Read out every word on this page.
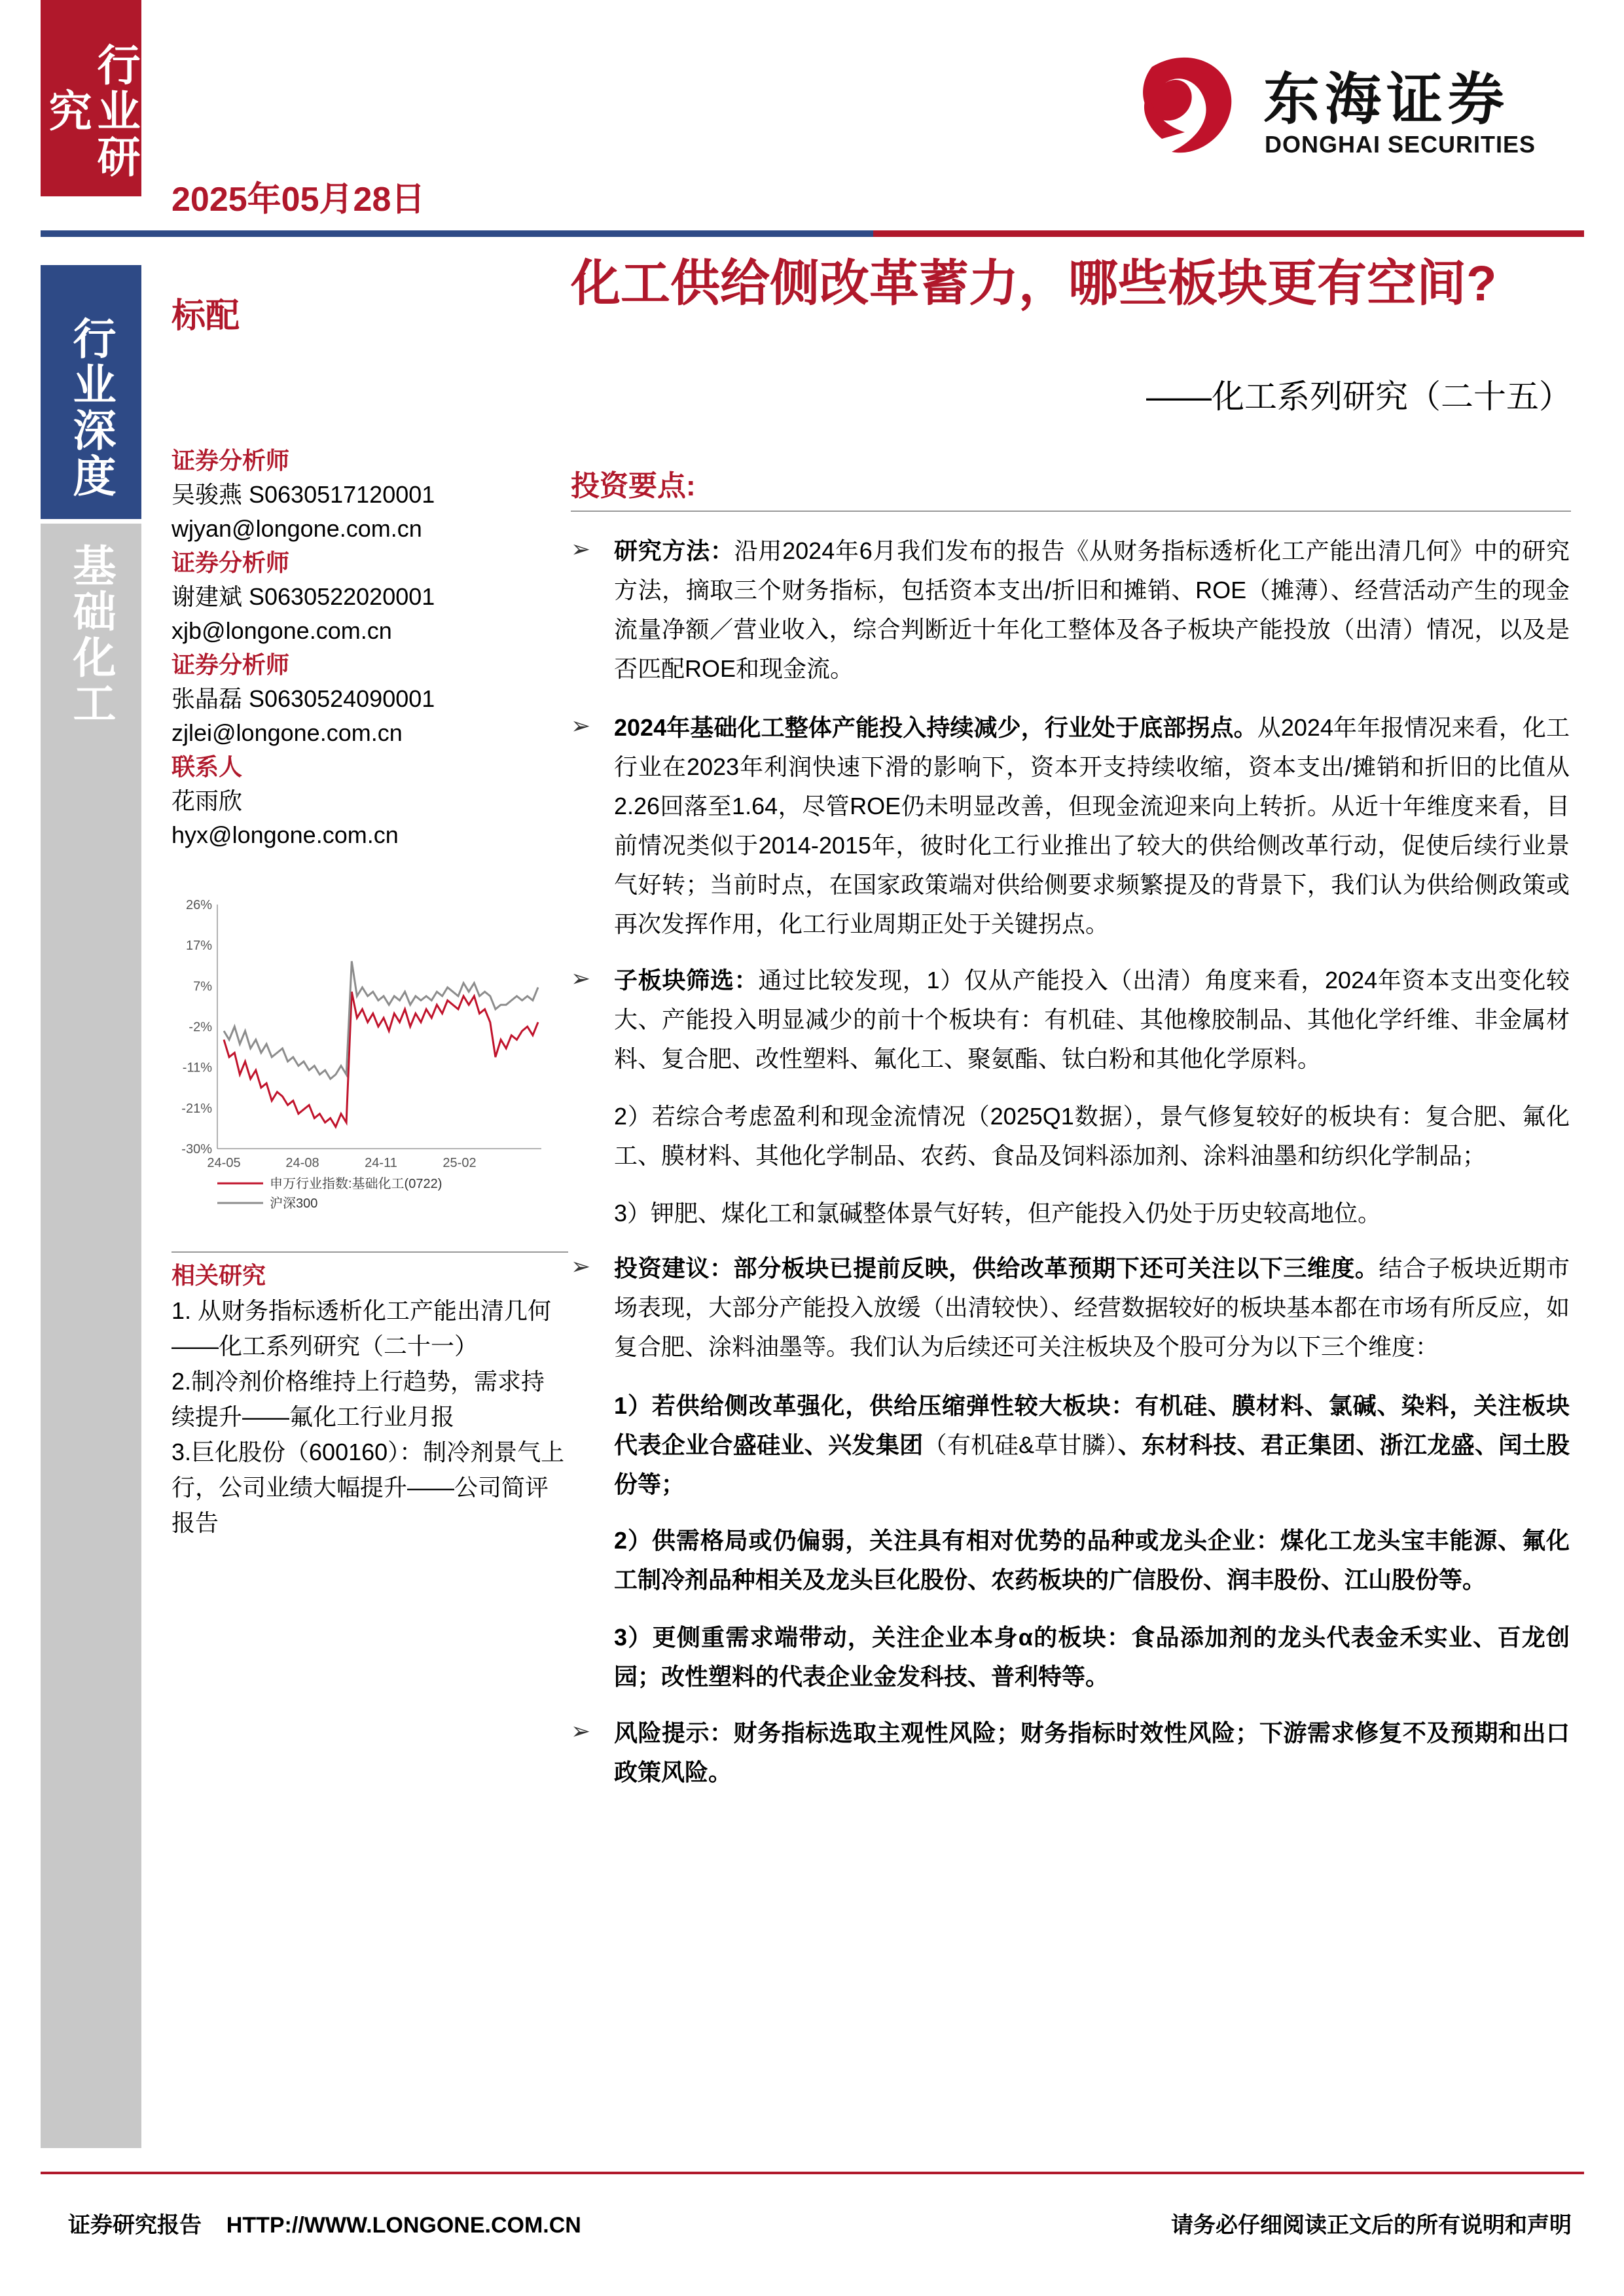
行业研究
行业深度
基础化工
2025年05月28日
东海证券
DONGHAI SECURITIES
标配
化工供给侧改革蓄力，哪些板块更有空间?
——化工系列研究（二十五）
证券分析师
吴骏燕 S0630517120001
wjyan@longone.com.cn
证券分析师
谢建斌 S0630522020001
xjb@longone.com.cn
证券分析师
张晶磊 S0630524090001
zjlei@longone.com.cn
联系人
花雨欣
hyx@longone.com.cn
26%
17%
7%
-2%
-11%
-21%
-30%
24-05	24-08	24-11	25-02
申万行业指数:基础化工(0722)
沪深300
相关研究
1. 从财务指标透析化工产能出清几何——化工系列研究（二十一）
2.制冷剂价格维持上行趋势，需求持续提升——氟化工行业月报
3.巨化股份（600160）：制冷剂景气上行，公司业绩大幅提升——公司简评报告
投资要点:
➢ 研究方法：沿用2024年6月我们发布的报告《从财务指标透析化工产能出清几何》中的研究方法，摘取三个财务指标，包括资本支出/折旧和摊销、ROE（摊薄）、经营活动产生的现金流量净额／营业收入，综合判断近十年化工整体及各子板块产能投放（出清）情况，以及是否匹配ROE和现金流。
➢ 2024年基础化工整体产能投入持续减少，行业处于底部拐点。从2024年年报情况来看，化工行业在2023年利润快速下滑的影响下，资本开支持续收缩，资本支出/摊销和折旧的比值从2.26回落至1.64，尽管ROE仍未明显改善，但现金流迎来向上转折。从近十年维度来看，目前情况类似于2014-2015年，彼时化工行业推出了较大的供给侧改革行动，促使后续行业景气好转；当前时点，在国家政策端对供给侧要求频繁提及的背景下，我们认为供给侧政策或再次发挥作用，化工行业周期正处于关键拐点。
➢ 子板块筛选：通过比较发现，1）仅从产能投入（出清）角度来看，2024年资本支出变化较大、产能投入明显减少的前十个板块有：有机硅、其他橡胶制品、其他化学纤维、非金属材料、复合肥、改性塑料、氟化工、聚氨酯、钛白粉和其他化学原料。
2）若综合考虑盈利和现金流情况（2025Q1数据），景气修复较好的板块有：复合肥、氟化工、膜材料、其他化学制品、农药、食品及饲料添加剂、涂料油墨和纺织化学制品；
3）钾肥、煤化工和氯碱整体景气好转，但产能投入仍处于历史较高地位。
➢ 投资建议：部分板块已提前反映，供给改革预期下还可关注以下三维度。结合子板块近期市场表现，大部分产能投入放缓（出清较快）、经营数据较好的板块基本都在市场有所反应，如复合肥、涂料油墨等。我们认为后续还可关注板块及个股可分为以下三个维度：
1）若供给侧改革强化，供给压缩弹性较大板块：有机硅、膜材料、氯碱、染料，关注板块代表企业合盛硅业、兴发集团（有机硅&草甘膦）、东材科技、君正集团、浙江龙盛、闰土股份等；
2）供需格局或仍偏弱，关注具有相对优势的品种或龙头企业：煤化工龙头宝丰能源、氟化工制冷剂品种相关及龙头巨化股份、农药板块的广信股份、润丰股份、江山股份等。
3）更侧重需求端带动，关注企业本身α的板块：食品添加剂的龙头代表金禾实业、百龙创园；改性塑料的代表企业金发科技、普利特等。
➢ 风险提示：财务指标选取主观性风险；财务指标时效性风险；下游需求修复不及预期和出口政策风险。
证券研究报告    HTTP://WWW.LONGONE.COM.CN	请务必仔细阅读正文后的所有说明和声明
